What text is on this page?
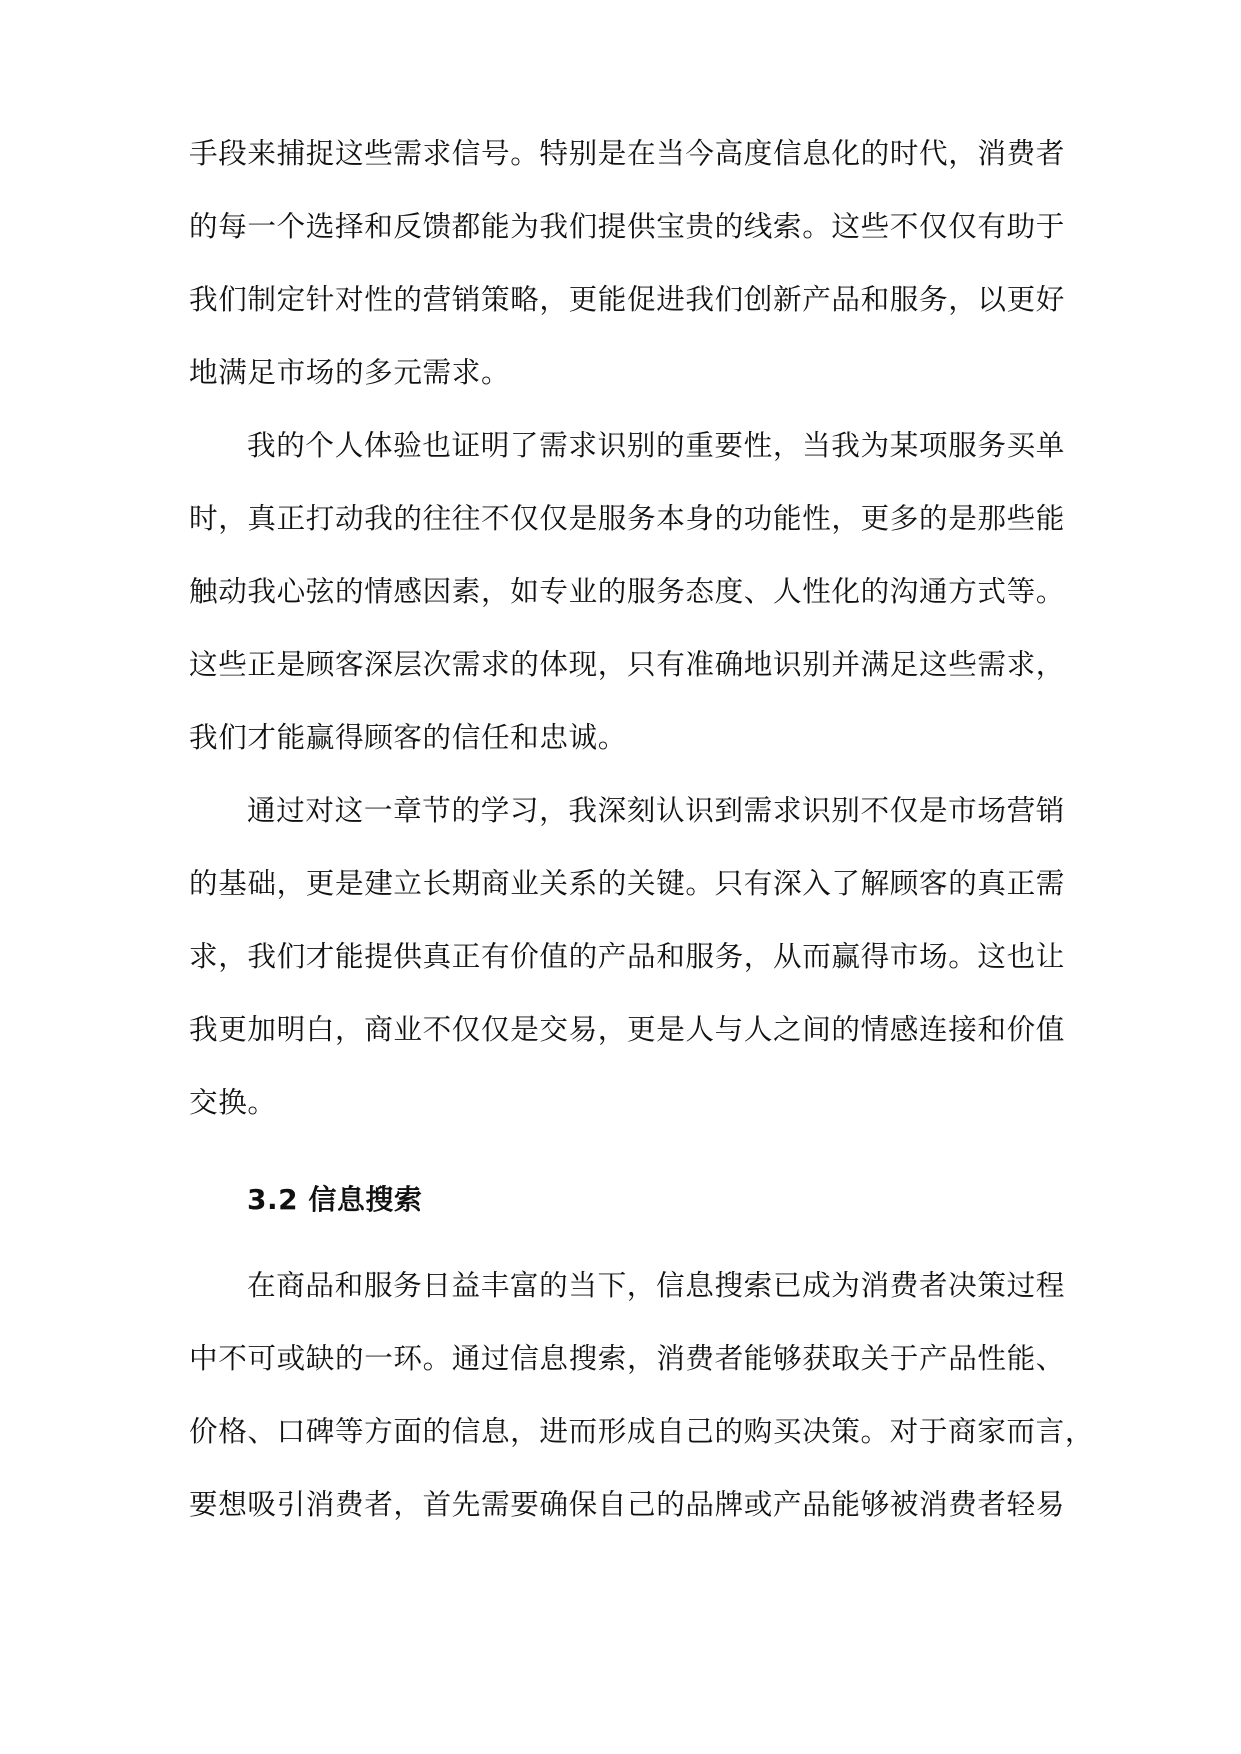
手段来捕捉这些需求信号。特别是在当今高度信息化的时代，消费者
的每一个选择和反馈都能为我们提供宝贵的线索。这些不仅仅有助于
我们制定针对性的营销策略，更能促进我们创新产品和服务，以更好
地满足市场的多元需求。
我的个人体验也证明了需求识别的重要性，当我为某项服务买单
时，真正打动我的往往不仅仅是服务本身的功能性，更多的是那些能
触动我心弦的情感因素，如专业的服务态度、人性化的沟通方式等。
这些正是顾客深层次需求的体现，只有准确地识别并满足这些需求，
我们才能赢得顾客的信任和忠诚。
通过对这一章节的学习，我深刻认识到需求识别不仅是市场营销
的基础，更是建立长期商业关系的关键。只有深入了解顾客的真正需
求，我们才能提供真正有价值的产品和服务，从而赢得市场。这也让
我更加明白，商业不仅仅是交易，更是人与人之间的情感连接和价值
交换。
3.2 信息搜索
在商品和服务日益丰富的当下，信息搜索已成为消费者决策过程
中不可或缺的一环。通过信息搜索，消费者能够获取关于产品性能、
价格、口碑等方面的信息，进而形成自己的购买决策。对于商家而言，
要想吸引消费者，首先需要确保自己的品牌或产品能够被消费者轻易
